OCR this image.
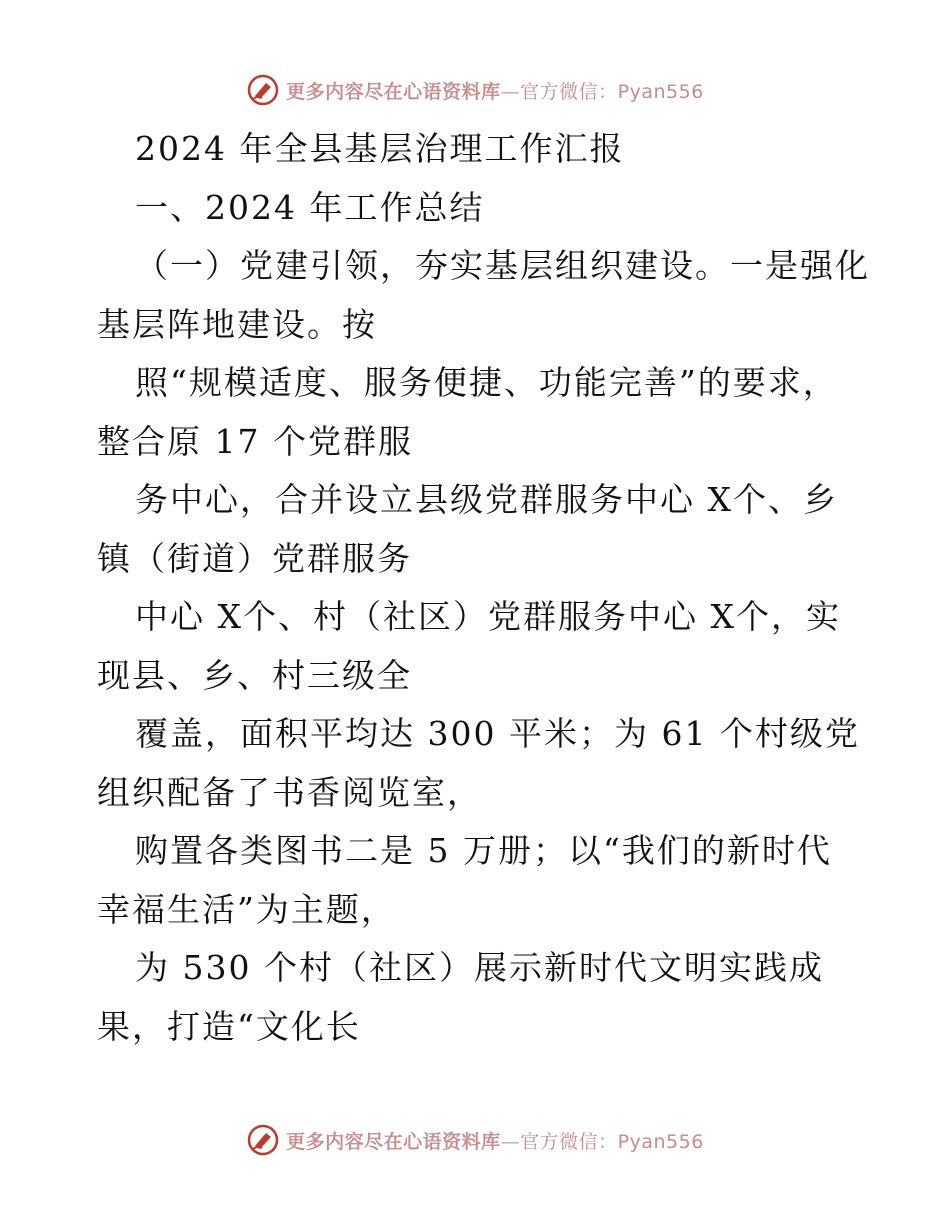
更多内容尽在心语资料库—官方微信：Pyan556
2024 年全县基层治理工作汇报
一、2024 年工作总结
（一）党建引领，夯实基层组织建设。一是强化
基层阵地建设。按
照“规模适度、服务便捷、功能完善”的要求，
整合原 17 个党群服
务中心，合并设立县级党群服务中心 X个、乡
镇（街道）党群服务
中心 X个、村（社区）党群服务中心 X个，实
现县、乡、村三级全
覆盖，面积平均达 300 平米；为 61 个村级党
组织配备了书香阅览室，
购置各类图书二是 5 万册；以“我们的新时代
幸福生活”为主题，
为 530 个村（社区）展示新时代文明实践成
果，打造“文化长
更多内容尽在心语资料库—官方微信：Pyan556
